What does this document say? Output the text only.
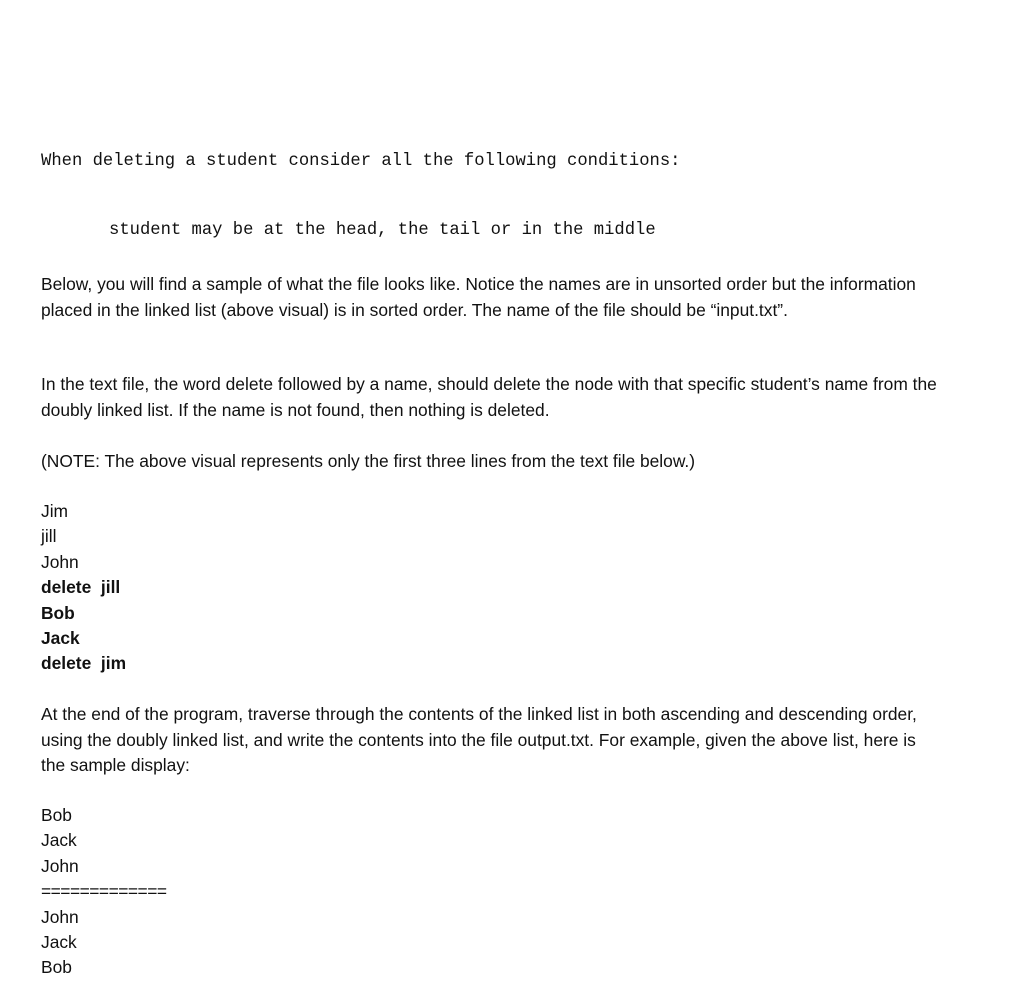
When deleting a student consider all the following conditions:

student may be at the head, the tail or in the middle

Below, you will find a sample of what the file looks like. Notice the names are in unsorted order but the information placed in the linked list (above visual) is in sorted order. The name of the file should be “input.txt”.

In the text file, the word delete followed by a name, should delete the node with that specific student’s name from the doubly linked list. If the name is not found, then nothing is deleted.

(NOTE: The above visual represents only the first three lines from the text file below.)

Jim
jill
John
delete  jill
Bob
Jack
delete  jim

At the end of the program, traverse through the contents of the linked list in both ascending and descending order, using the doubly linked list, and write the contents into the file output.txt. For example, given the above list, here is the sample display:

Bob
Jack
John
=============
John
Jack
Bob
